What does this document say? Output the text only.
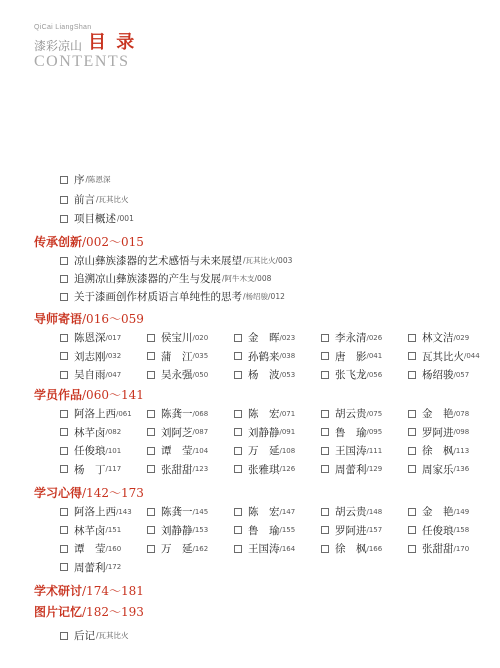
QiCai LiangShan
漆彩凉山 目 录
CONTENTS
序 /陈恩深
前言 /瓦其比火
项目概述 /001
传承创新/002～015
凉山彝族漆器的艺术感悟与未来展望 /瓦其比火/003
追溯凉山彝族漆器的产生与发展 /阿牛木支/008
关于漆画创作材质语言单纯性的思考 /杨绍骏/012
导师寄语/016～059
陈恩深 /017	侯宝川 /020	金　晖 /023	李永清 /026	林文洁 /029
刘志刚 /032	蒲　江 /035	孙鹤来 /038	唐　影 /041	瓦其比火 /044
吴自雨 /047	吴永强 /050	杨　波 /053	张飞龙 /056	杨绍骏 /057
学员作品/060～141
阿洛上西 /061	陈龚一 /068	陈　宏 /071	胡云贵 /075	金　艳 /078
林芊卤 /082	刘阿芝 /087	刘静静 /091	鲁　瑜 /095	罗阿进 /098
任俊琅 /101	谭　莹 /104	万　延 /108	王国涛 /111	徐　枫 /113
杨　丁 /117	张甜甜 /123	张雅琪 /126	周蕾利 /129	周家乐 /136
学习心得/142～173
阿洛上西 /143	陈龚一 /145	陈　宏 /147	胡云贵 /148	金　艳 /149
林芊卤 /151	刘静静 /153	鲁　瑜 /155	罗阿进 /157	任俊琅 /158
谭　莹 /160	万　延 /162	王国涛 /164	徐　枫 /166	张甜甜 /170
周蕾利 /172
学术研讨/174～181
图片记忆/182～193
后记 /瓦其比火
